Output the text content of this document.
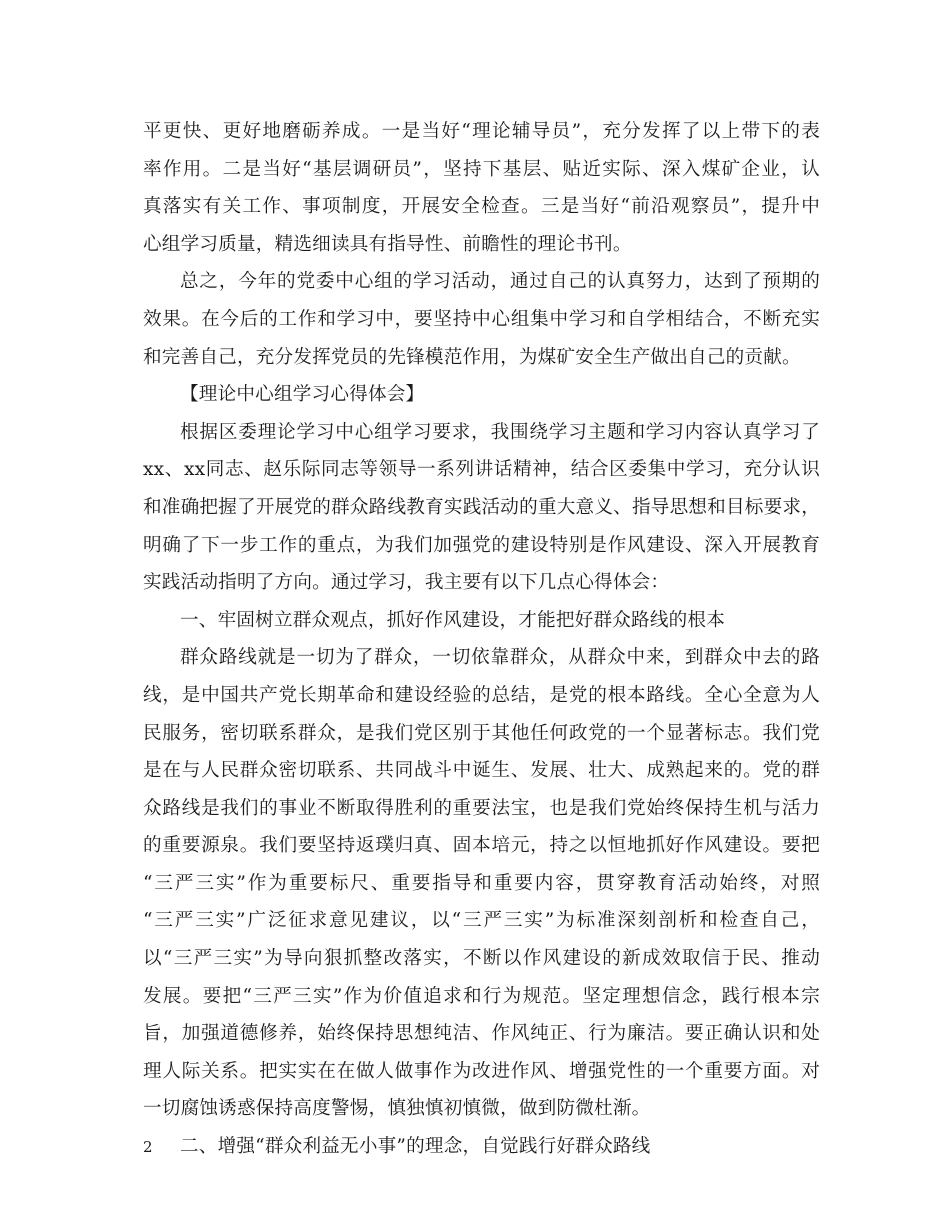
平更快、更好地磨砺养成。一是当好“理论辅导员”，充分发挥了以上带下的表
率作用。二是当好“基层调研员”，坚持下基层、贴近实际、深入煤矿企业，认
真落实有关工作、事项制度，开展安全检查。三是当好“前沿观察员”，提升中
心组学习质量，精选细读具有指导性、前瞻性的理论书刊。

总之，今年的党委中心组的学习活动，通过自己的认真努力，达到了预期的
效果。在今后的工作和学习中，要坚持中心组集中学习和自学相结合，不断充实
和完善自己，充分发挥党员的先锋模范作用，为煤矿安全生产做出自己的贡献。

【理论中心组学习心得体会】

根据区委理论学习中心组学习要求，我围绕学习主题和学习内容认真学习了
xx、xx同志、赵乐际同志等领导一系列讲话精神，结合区委集中学习，充分认识
和准确把握了开展党的群众路线教育实践活动的重大意义、指导思想和目标要求，
明确了下一步工作的重点，为我们加强党的建设特别是作风建设、深入开展教育
实践活动指明了方向。通过学习，我主要有以下几点心得体会：

一、牢固树立群众观点，抓好作风建设，才能把好群众路线的根本

群众路线就是一切为了群众，一切依靠群众，从群众中来，到群众中去的路
线，是中国共产党长期革命和建设经验的总结，是党的根本路线。全心全意为人
民服务，密切联系群众，是我们党区别于其他任何政党的一个显著标志。我们党
是在与人民群众密切联系、共同战斗中诞生、发展、壮大、成熟起来的。党的群
众路线是我们的事业不断取得胜利的重要法宝，也是我们党始终保持生机与活力
的重要源泉。我们要坚持返璞归真、固本培元，持之以恒地抓好作风建设。要把
“三严三实”作为重要标尺、重要指导和重要内容，贯穿教育活动始终，对照
“三严三实”广泛征求意见建议，以“三严三实”为标准深刻剖析和检查自己，
以“三严三实”为导向狠抓整改落实，不断以作风建设的新成效取信于民、推动
发展。要把“三严三实”作为价值追求和行为规范。坚定理想信念，践行根本宗
旨，加强道德修养，始终保持思想纯洁、作风纯正、行为廉洁。要正确认识和处
理人际关系。把实实在在做人做事作为改进作风、增强党性的一个重要方面。对
一切腐蚀诱惑保持高度警惕，慎独慎初慎微，做到防微杜渐。

二、增强“群众利益无小事”的理念，自觉践行好群众路线

2
